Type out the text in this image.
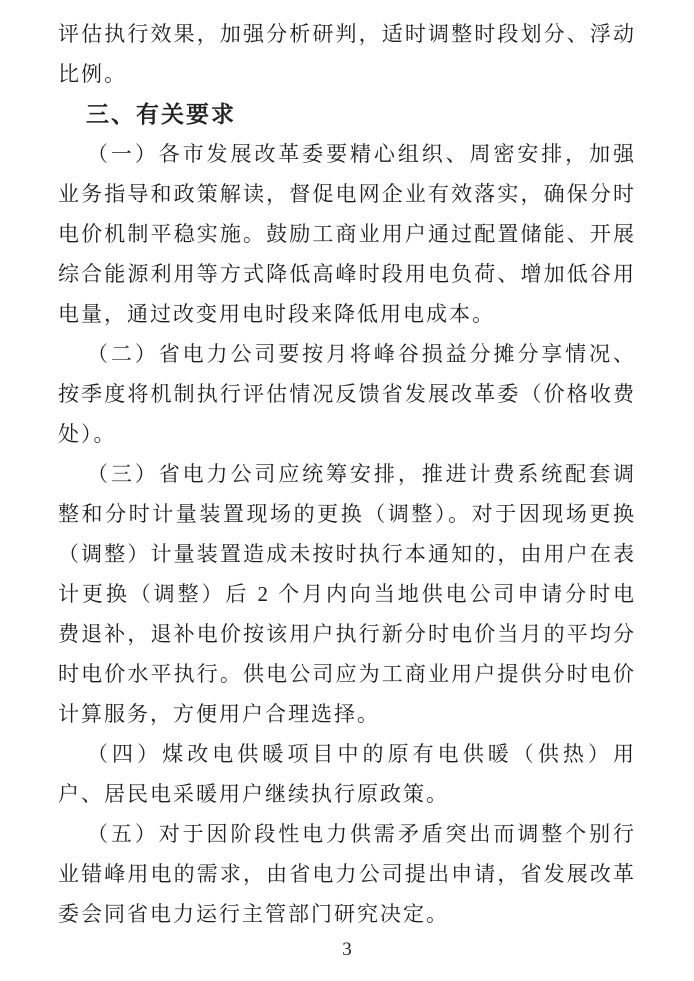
评估执行效果，加强分析研判，适时调整时段划分、浮动比例。

三、有关要求

（一）各市发展改革委要精心组织、周密安排，加强业务指导和政策解读，督促电网企业有效落实，确保分时电价机制平稳实施。鼓励工商业用户通过配置储能、开展综合能源利用等方式降低高峰时段用电负荷、增加低谷用电量，通过改变用电时段来降低用电成本。

（二）省电力公司要按月将峰谷损益分摊分享情况、按季度将机制执行评估情况反馈省发展改革委（价格收费处）。

（三）省电力公司应统筹安排，推进计费系统配套调整和分时计量装置现场的更换（调整）。对于因现场更换（调整）计量装置造成未按时执行本通知的，由用户在表计更换（调整）后 2 个月内向当地供电公司申请分时电费退补，退补电价按该用户执行新分时电价当月的平均分时电价水平执行。供电公司应为工商业用户提供分时电价计算服务，方便用户合理选择。

（四）煤改电供暖项目中的原有电供暖（供热）用户、居民电采暖用户继续执行原政策。

（五）对于因阶段性电力供需矛盾突出而调整个别行业错峰用电的需求，由省电力公司提出申请，省发展改革委会同省电力运行主管部门研究决定。

3
